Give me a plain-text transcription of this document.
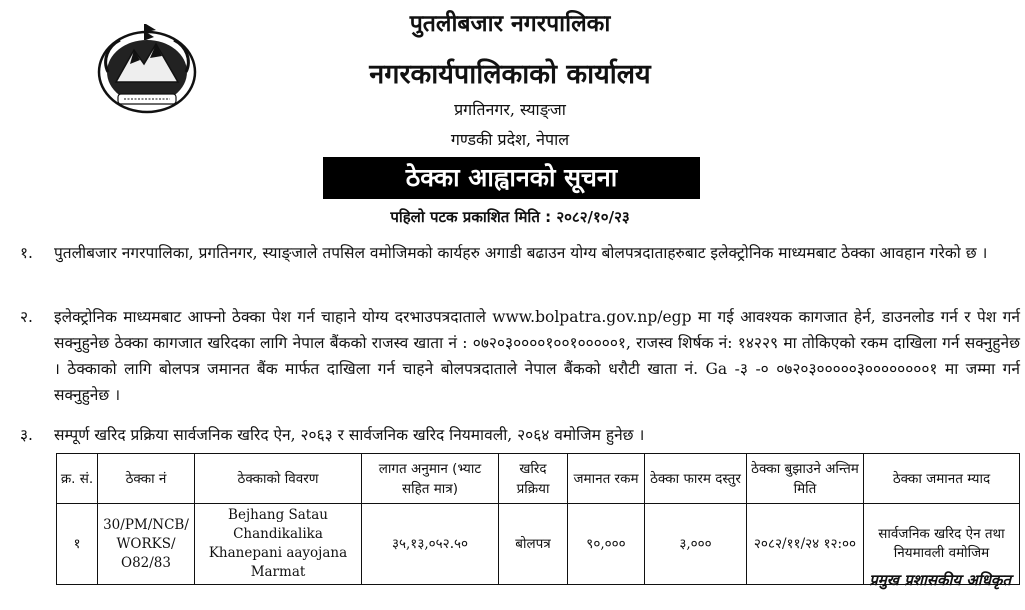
पुतलीबजार नगरपालिका
नगरकार्यपालिकाको कार्यालय
प्रगतिनगर, स्याङ्जा
गण्डकी प्रदेश, नेपाल
ठेक्का आह्वानको सूचना
पहिलो पटक प्रकाशित मिति : २०८२/१०/२३
१.	पुतलीबजार नगरपालिका, प्रगतिनगर, स्याङ्जाले तपसिल वमोजिमको कार्यहरु अगाडी बढाउन योग्य बोलपत्रदाताहरुबाट इलेक्ट्रोनिक माध्यमबाट ठेक्का आवहान गरेको छ ।
२.	इलेक्ट्रोनिक माध्यमबाट आफ्नो ठेक्का पेश गर्न चाहाने योग्य दरभाउपत्रदाताले www.bolpatra.gov.np/egp मा गई आवश्यक कागजात हेर्न, डाउनलोड गर्न र पेश गर्न सक्नुहुनेछ ठेक्का कागजात खरिदका लागि नेपाल बैंकको राजस्व खाता नं : ०७२०३००००१००१०००००१, राजस्व शिर्षक नं: १४२२९ मा तोकिएको रकम दाखिला गर्न सक्नुहुनेछ । ठेक्काको लागि बोलपत्र जमानत बैंक मार्फत दाखिला गर्न चाहने बोलपत्रदाताले नेपाल बैंकको धरौटी खाता नं. Ga -३ -० ०७२०३०००००३००००००००१ मा जम्मा गर्न सक्नुहुनेछ ।
३.	सम्पूर्ण खरिद प्रक्रिया सार्वजनिक खरिद ऐन, २०६३ र सार्वजनिक खरिद नियमावली, २०६४ वमोजिम हुनेछ ।
क्र. सं.	ठेक्का नं	ठेक्काको विवरण	लागत अनुमान (भ्याट सहित मात्र)	खरिद प्रक्रिया	जमानत रकम	ठेक्का फारम दस्तुर	ठेक्का बुझाउने अन्तिम मिति	ठेक्का जमानत म्याद
१	30/PM/NCB/ WORKS/ O82/83	Bejhang Satau Chandikalika Khanepani aayojana Marmat	३५,१३,०५२.५०	बोलपत्र	९०,०००	३,०००	२०८२/११/२४ १२:००	सार्वजनिक खरिद ऐन तथा नियमावली वमोजिम
प्रमुख प्रशासकीय अधिकृत
